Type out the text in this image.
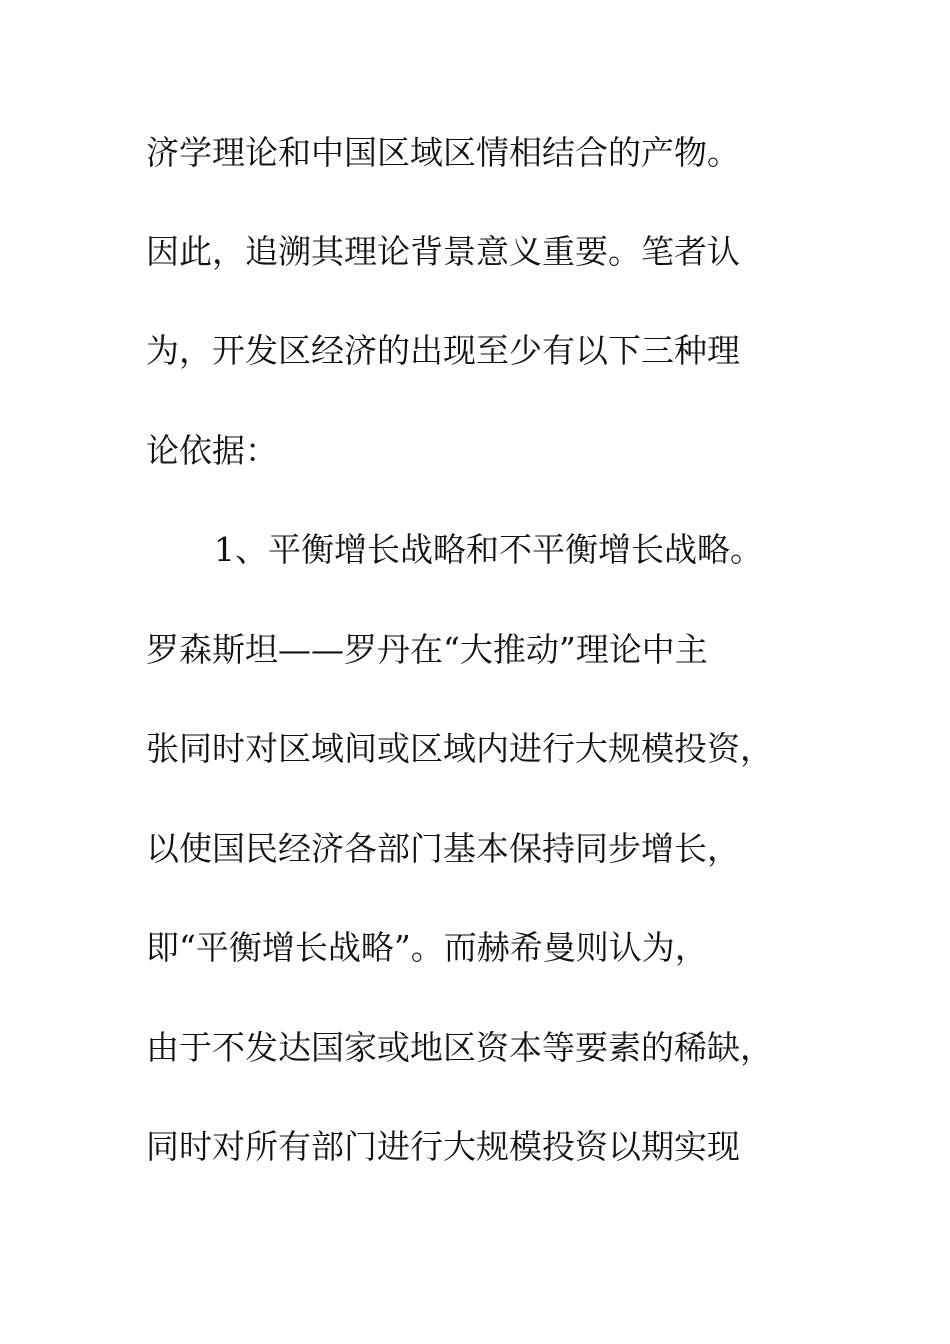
济学理论和中国区域区情相结合的产物。
因此，追溯其理论背景意义重要。笔者认
为，开发区经济的出现至少有以下三种理
论依据：
1、平衡增长战略和不平衡增长战略。
罗森斯坦——罗丹在“大推动”理论中主
张同时对区域间或区域内进行大规模投资，
以使国民经济各部门基本保持同步增长，
即“平衡增长战略”。而赫希曼则认为，
由于不发达国家或地区资本等要素的稀缺，
同时对所有部门进行大规模投资以期实现
